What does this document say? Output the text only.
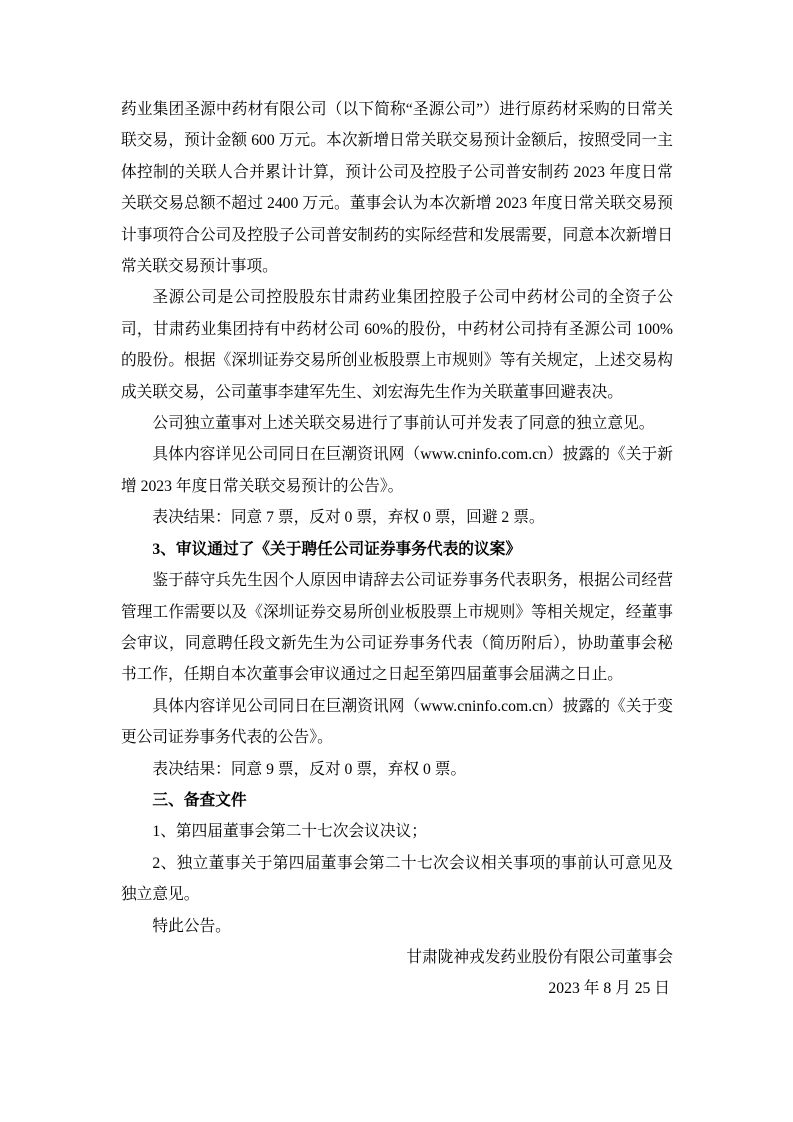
药业集团圣源中药材有限公司（以下简称“圣源公司”）进行原药材采购的日常关联交易，预计金额 600 万元。本次新增日常关联交易预计金额后，按照受同一主体控制的关联人合并累计计算，预计公司及控股子公司普安制药 2023 年度日常关联交易总额不超过 2400 万元。董事会认为本次新增 2023 年度日常关联交易预计事项符合公司及控股子公司普安制药的实际经营和发展需要，同意本次新增日常关联交易预计事项。

圣源公司是公司控股股东甘肃药业集团控股子公司中药材公司的全资子公司，甘肃药业集团持有中药材公司 60%的股份，中药材公司持有圣源公司 100%的股份。根据《深圳证券交易所创业板股票上市规则》等有关规定，上述交易构成关联交易，公司董事李建军先生、刘宏海先生作为关联董事回避表决。

公司独立董事对上述关联交易进行了事前认可并发表了同意的独立意见。

具体内容详见公司同日在巨潮资讯网（www.cninfo.com.cn）披露的《关于新增 2023 年度日常关联交易预计的公告》。

表决结果：同意 7 票，反对 0 票，弃权 0 票，回避 2 票。

3、审议通过了《关于聘任公司证券事务代表的议案》

鉴于薛守兵先生因个人原因申请辞去公司证券事务代表职务，根据公司经营管理工作需要以及《深圳证券交易所创业板股票上市规则》等相关规定，经董事会审议，同意聘任段文新先生为公司证券事务代表（简历附后），协助董事会秘书工作，任期自本次董事会审议通过之日起至第四届董事会届满之日止。

具体内容详见公司同日在巨潮资讯网（www.cninfo.com.cn）披露的《关于变更公司证券事务代表的公告》。

表决结果：同意 9 票，反对 0 票，弃权 0 票。

三、备查文件

1、第四届董事会第二十七次会议决议；

2、独立董事关于第四届董事会第二十七次会议相关事项的事前认可意见及独立意见。

特此公告。

甘肃陇神戎发药业股份有限公司董事会

2023 年 8 月 25 日
